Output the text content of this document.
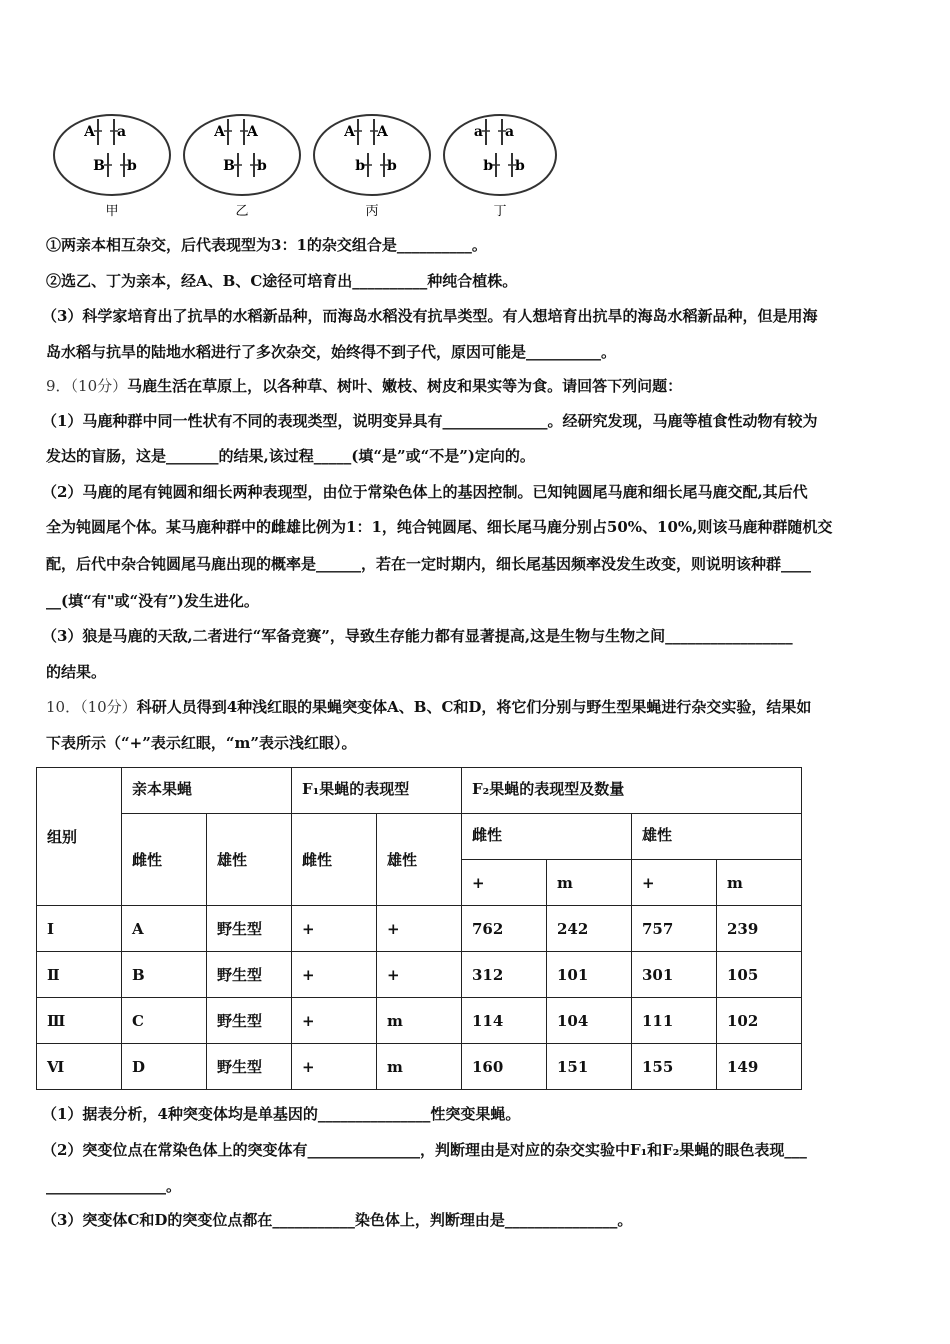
A a
B b
甲
A A
B b
乙
A A
b b
丙
a a
b b
丁
①两亲本相互杂交，后代表现型为3：1的杂交组合是__________。
②选乙、丁为亲本，经A、B、C途径可培育出__________种纯合植株。
（3）科学家培育出了抗旱的水稻新品种，而海岛水稻没有抗旱类型。有人想培育出抗旱的海岛水稻新品种，但是用海
岛水稻与抗旱的陆地水稻进行了多次杂交，始终得不到子代，原因可能是__________。
9．（10分）马鹿生活在草原上，以各种草、树叶、嫩枝、树皮和果实等为食。请回答下列问题：
（1）马鹿种群中同一性状有不同的表现类型，说明变异具有______________。经研究发现，马鹿等植食性动物有较为
发达的盲肠，这是_______的结果,该过程_____(填“是”或“不是”)定向的。
（2）马鹿的尾有钝圆和细长两种表现型，由位于常染色体上的基因控制。已知钝圆尾马鹿和细长尾马鹿交配,其后代
全为钝圆尾个体。某马鹿种群中的雌雄比例为1：1，纯合钝圆尾、细长尾马鹿分别占50%、10%,则该马鹿种群随机交
配，后代中杂合钝圆尾马鹿出现的概率是______，若在一定时期内，细长尾基因频率没发生改变，则说明该种群____
__(填“有"或“没有”)发生进化。
（3）狼是马鹿的天敌,二者进行“军备竞赛”，导致生存能力都有显著提高,这是生物与生物之间_________________
的结果。
10．（10分）科研人员得到4种浅红眼的果蝇突变体A、B、C和D，将它们分别与野生型果蝇进行杂交实验，结果如
下表所示（“+”表示红眼，“m”表示浅红眼）。
组别	亲本果蝇		F₁果蝇的表现型		F₂果蝇的表现型及数量			
	雌性	雄性	雌性	雄性	雌性		雄性	
					+	m	+	m
Ⅰ	A	野生型	+	+	762	242	757	239
Ⅱ	B	野生型	+	+	312	101	301	105
Ⅲ	C	野生型	+	m	114	104	111	102
Ⅵ	D	野生型	+	m	160	151	155	149
（1）据表分析，4种突变体均是单基因的_______________性突变果蝇。
（2）突变位点在常染色体上的突变体有_______________，判断理由是对应的杂交实验中F₁和F₂果蝇的眼色表现___
________________。
（3）突变体C和D的突变位点都在___________染色体上，判断理由是_______________。
